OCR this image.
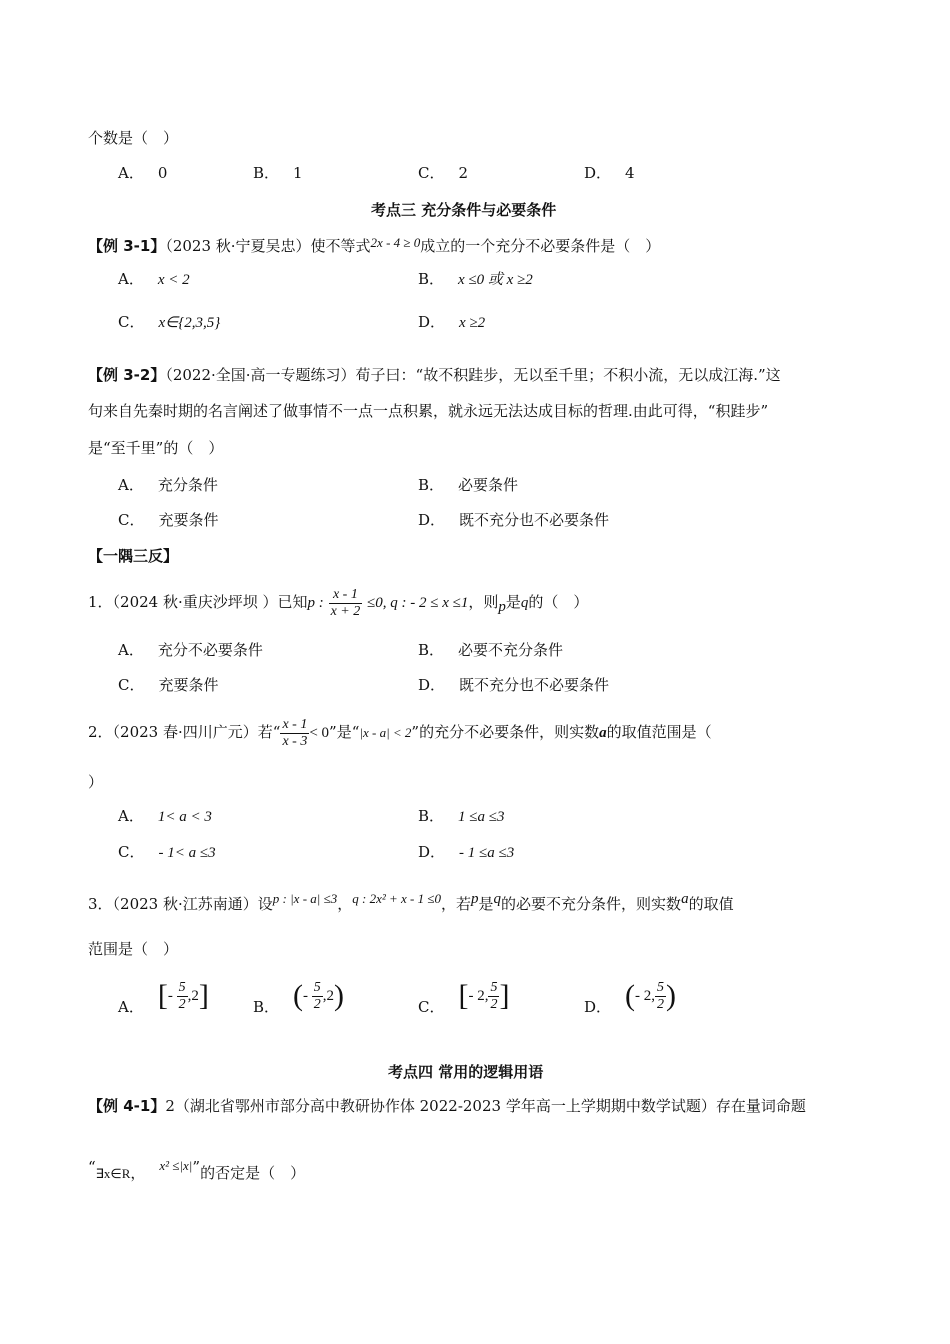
个数是（　）
A． 0	B． 1	C． 2	D． 4
考点三 充分条件与必要条件
【例 3-1】（2023 秋·宁夏吴忠）使不等式2x - 4 ≥ 0成立的一个充分不必要条件是（　）
A． x < 2	B． x ≤0 或 x ≥2
C． x∈{2,3,5}	D． x ≥2
【例 3-2】（2022·全国·高一专题练习）荀子曰：“故不积跬步，无以至千里；不积小流，无以成江海.”这
句来自先秦时期的名言阐述了做事情不一点一点积累，就永远无法达成目标的哲理.由此可得，“积跬步”
是“至千里”的（　）
A． 充分条件	B． 必要条件
C． 充要条件	D． 既不充分也不必要条件
【一隅三反】
1．（2024 秋·重庆沙坪坝 ）已知p : $\frac{x - 1}{x + 2} \le 0$, q : - 2 ≤ x ≤1，则p是q的（　）
A． 充分不必要条件	B． 必要不充分条件
C． 充要条件	D． 既不充分也不必要条件
2．（2023 春·四川广元）若“ $\frac{x - 1}{x - 3} < 0$”是“|x - a| < 2”的充分不必要条件，则实数a的取值范围是（
）
A． 1< a < 3	B． 1 ≤a ≤3
C． - 1< a ≤3	D． - 1 ≤a ≤3
3．（2023 秋·江苏南通）设p : |x - a| ≤3，q : 2x² + x - 1 ≤0，若p是q的必要不充分条件，则实数a的取值
范围是（　）
A． [- $\frac{5}{2} ,2$]	B． (- $\frac{5}{2} ,2$)	C． [- 2, $\frac{5}{2}$ ]	D． (- 2, $\frac{5}{2}$ )
考点四 常用的逻辑用语
【例 4-1】2（湖北省鄂州市部分高中教研协作体 2022-2023 学年高一上学期期中数学试题）存在量词命题
“∃x∈R， x² ≤|x|”的否定是（　）
